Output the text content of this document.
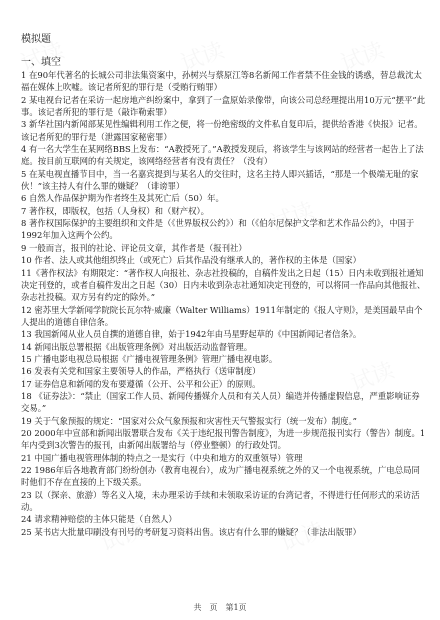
模拟题
一、填空

1 在90年代著名的长城公司非法集资案中，孙树兴与蔡原江等8名新闻工作者禁不住金钱的诱惑，替总裁沈太福在媒体上吹嘘。该记者所犯的罪行是（受贿行贿罪）

2 某电视台记者在采访一起房地产纠纷案中，拿到了一盒原始录像带，向该公司总经理提出用10万元“摆平”此事。该记者所犯的罪行是（敲诈勒索罪）

3 新华社国内新闻部某见性编辑利用工作之便，将一份绝密级的文件私自复印后，提供给香港《快报》记者。该记者所犯的罪行是（泄露国家秘密罪）

4 有一名大学生在某网络BBS上发布：“A教授死了。”A教授发现后，将该学生与该网站的经营者一起告上了法庭。按目前互联网的有关规定，该网络经营者有没有责任？（没有）

5 在某电视直播节目中，当一名嘉宾提到与某名人的交往时，这名主持人即兴插话，“那是一个极端无耻的家伙！”该主持人有什么罪的嫌疑？（诽谤罪）

6 自然人作品保护期为作者终生及其死亡后（50）年。

7 著作权，即版权，包括（人身权）和（财产权）。

8 著作权国际保护的主要组织和文件是（《世界版权公约》）和（《伯尔尼保护文学和艺术作品公约》，中国于1992年加入这两个公约。

9 一般而言，报刊的社论、评论员文章，其作者是（报刊社）

10 作者、法人或其他组织终止（或死亡）后其作品没有继承人的，著作权的主体是（国家）

11《著作权法》有期限定：“著作权人向报社、杂志社投稿的，自稿件发出之日起（15）日内未收到报社通知决定刊登的，或者自稿件发出之日起（30）日内未收到杂志社通知决定刊登的，可以将同一作品向其他报社、杂志社投稿。双方另有约定的除外。”

12 密苏里大学新闻学院院长瓦尔特·威廉（Walter Williams）1911年制定的《报人守则》，是美国最早由个人提出的道德自律信条。

13 我国新闻从业人员自撰的道德自律，始于1942年由马星野起草的《中国新闻记者信条》。

14 新闻出版总署根据《出版管理条例》对出版活动监督管理。

15 广播电影电视总局根据《广播电视管理条例》管理广播电视电影。

16 发表有关党和国家主要领导人的作品，严格执行（送审制度）

17 证券信息和新闻的发布要遵循（公开、公平和公正）的原则。

18 《证券法》：“禁止（国家工作人员、新闻传播媒介人员和有关人员）编造并传播虚假信息，严重影响证券交易。”

19 关于气象预报的规定：“国家对公众气象预报和灾害性天气警报实行（统一发布）制度。”

20 2000年中宣部和新闻出版署联合发布《关于违纪报刊警告制度》，为进一步规范报刊实行（警告）制度。1年内受到3次警告的报刊，由新闻出版署给与（停业整顿）的行政处罚。

21 中国广播电视管理体制的特点之一是实行（中央和地方的双重领导）管理

22 1986年后各地教育部门纷纷创办（教育电视台），成为广播电视系统之外的又一个电视系统，广电总局同时他们不存在直接的上下级关系。

23 以（探亲、旅游）等名义入境，未办理采访手续和未领取采访证的台湾记者，不得进行任何形式的采访活动。

24 请求精神赔偿的主体只能是（自然人）

25 某书店大批量印刷没有刊号的考研复习资料出售。该店有什么罪的嫌疑？（非法出版罪）

共　页　第1页
